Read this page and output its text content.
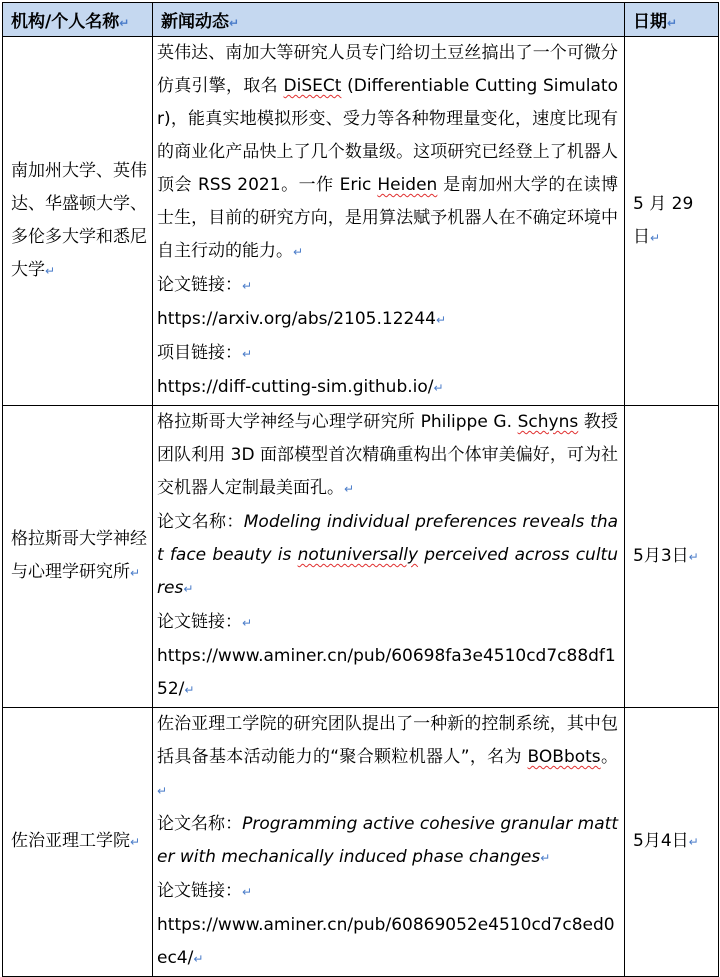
机构/个人名称↵	新闻动态↵	日期↵
南加州大学、英伟达、华盛顿大学、多伦多大学和悉尼大学↵	英伟达、南加大等研究人员专门给切土豆丝搞出了一个可微分仿真引擎，取名 DiSECt (Differentiable Cutting Simulator)，能真实地模拟形变、受力等各种物理量变化，速度比现有的商业化产品快上了几个数量级。这项研究已经登上了机器人顶会 RSS 2021。一作 Eric Heiden 是南加州大学的在读博士生，目前的研究方向，是用算法赋予机器人在不确定环境中自主行动的能力。↵

论文链接：↵

https://arxiv.org/abs/2105.12244↵

项目链接：↵

https://diff-cutting-sim.github.io/↵	5 月 29 日↵
格拉斯哥大学神经与心理学研究所↵	格拉斯哥大学神经与心理学研究所 Philippe G. Schyns 教授团队利用 3D 面部模型首次精确重构出个体审美偏好，可为社交机器人定制最美面孔。↵

论文名称：Modeling individual preferences reveals that face beauty is notuniversally perceived across cultures↵

论文链接：↵

https://www.aminer.cn/pub/60698fa3e4510cd7c88df152/↵	5月3日↵
佐治亚理工学院↵	佐治亚理工学院的研究团队提出了一种新的控制系统，其中包括具备基本活动能力的“聚合颗粒机器人”，名为 BOBbots。↵

论文名称：Programming active cohesive granular matter with mechanically induced phase changes↵

论文链接：↵

https://www.aminer.cn/pub/60869052e4510cd7c8ed0ec4/↵	5月4日↵
